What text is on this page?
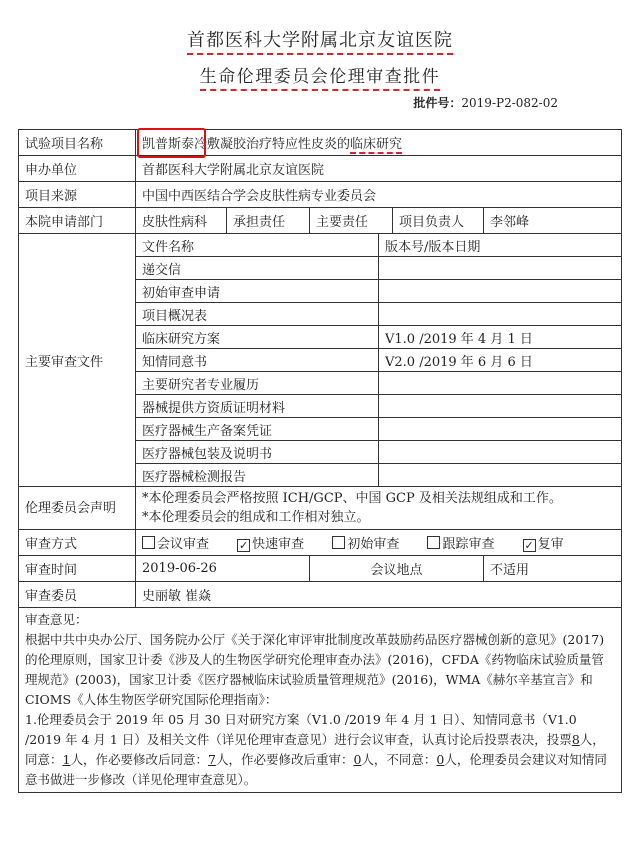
首都医科大学附属北京友谊医院
生命伦理委员会伦理审查批件
批件号：2019-P2-082-02
试验项目名称	凯普斯泰冷敷凝胶治疗特应性皮炎的临床研究
申办单位	首都医科大学附属北京友谊医院
项目来源	中国中西医结合学会皮肤性病专业委员会
本院申请部门	皮肤性病科	承担责任	主要责任	项目负责人	李邻峰
主要审查文件	
文件名称	版本号/版本日期
递交信	
初始审查申请	
项目概况表	
临床研究方案	V1.0 /2019 年 4 月 1 日
知情同意书	V2.0 /2019 年 6 月 6 日
主要研究者专业履历	
器械提供方资质证明材料	
医疗器械生产备案凭证	
医疗器械包装及说明书	
医疗器械检测报告	

伦理委员会声明	
*本伦理委员会严格按照 ICH/GCP、中国 GCP 及相关法规组成和工作。
*本伦理委员会的组成和工作相对独立。

审查方式	会议审查	✓ 快速审查	初始审查	跟踪审查	✓ 复审
审查时间	2019-06-26	会议地点	不适用
审查委员	史丽敏 崔焱

审查意见：
根据中共中央办公厅、国务院办公厅《关于深化审评审批制度改革鼓励药品医疗器械创新的意见》(2017)的伦理原则，国家卫计委《涉及人的生物医学研究伦理审查办法》(2016)，CFDA《药物临床试验质量管理规范》(2003)，国家卫计委《医疗器械临床试验质量管理规范》(2016)，WMA《赫尔辛基宣言》和 CIOMS《人体生物医学研究国际伦理指南》：
1.伦理委员会于 2019 年 05 月 30 日对研究方案（V1.0 /2019 年 4 月 1 日）、知情同意书（V1.0 /2019 年 4 月 1 日）及相关文件（详见伦理审查意见）进行会议审查，认真讨论后投票表决，投票8人，同意：1人，作必要修改后同意：7人，作必要修改后重审：0人，不同意：0人，伦理委员会建议对知情同意书做进一步修改（详见伦理审查意见）。
